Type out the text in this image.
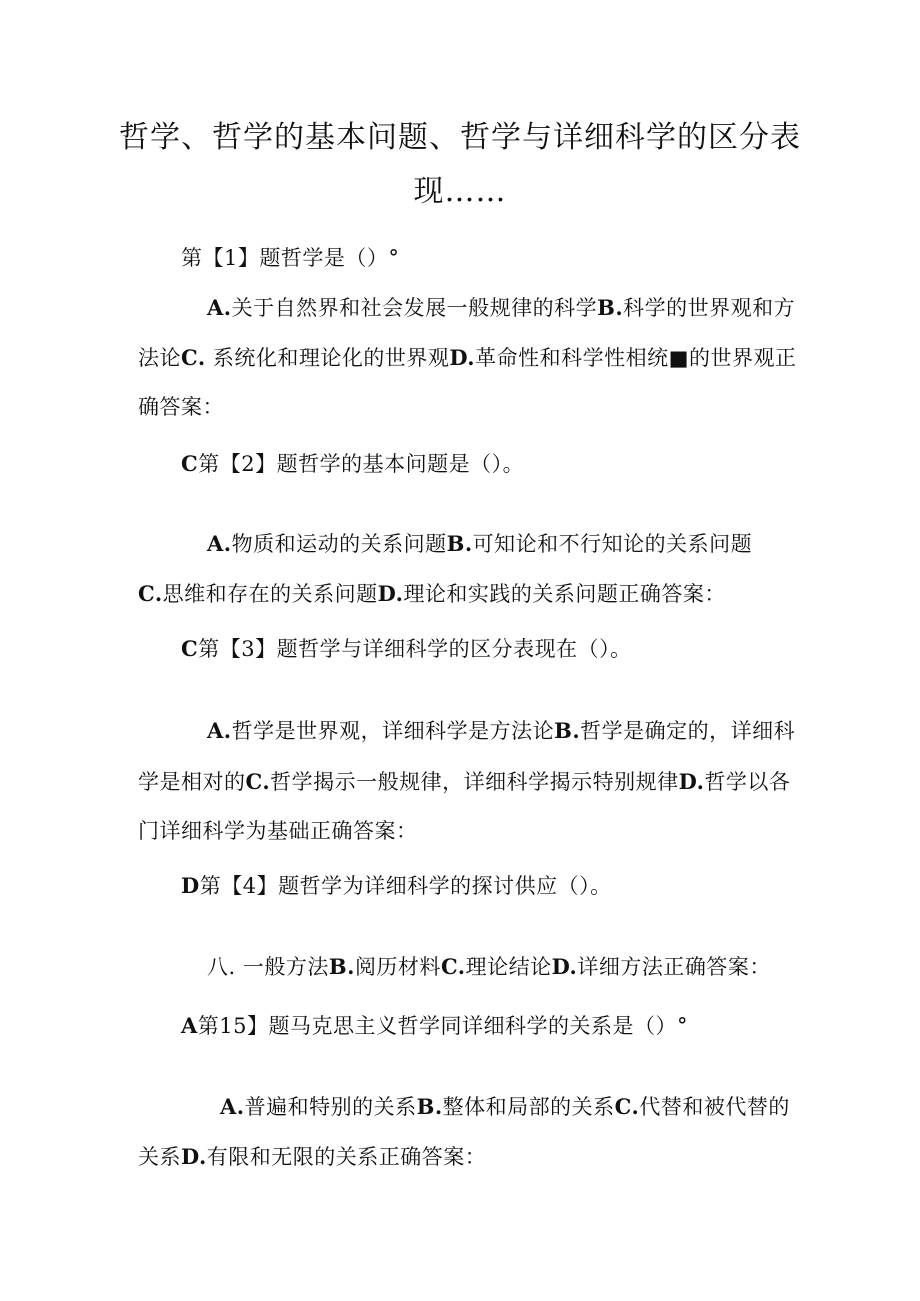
哲学、哲学的基本问题、哲学与详细科学的区分表
现……
第【1】题哲学是（）°
A.关于自然界和社会发展一般规律的科学B.科学的世界观和方
法论C. 系统化和理论化的世界观D.革命性和科学性相统■的世界观正
确答案：
C第【2】题哲学的基本问题是（）。
A.物质和运动的关系问题B.可知论和不行知论的关系问题
C.思维和存在的关系问题D.理论和实践的关系问题正确答案：
C第【3】题哲学与详细科学的区分表现在（）。
A.哲学是世界观，详细科学是方法论B.哲学是确定的，详细科
学是相对的C.哲学揭示一般规律，详细科学揭示特别规律D.哲学以各
门详细科学为基础正确答案：
D第【4】题哲学为详细科学的探讨供应（）。
八. 一般方法B.阅历材料C.理论结论D.详细方法正确答案：
A第15】题马克思主义哲学同详细科学的关系是（）°
A.普遍和特别的关系B.整体和局部的关系C.代替和被代替的
关系D.有限和无限的关系正确答案：
